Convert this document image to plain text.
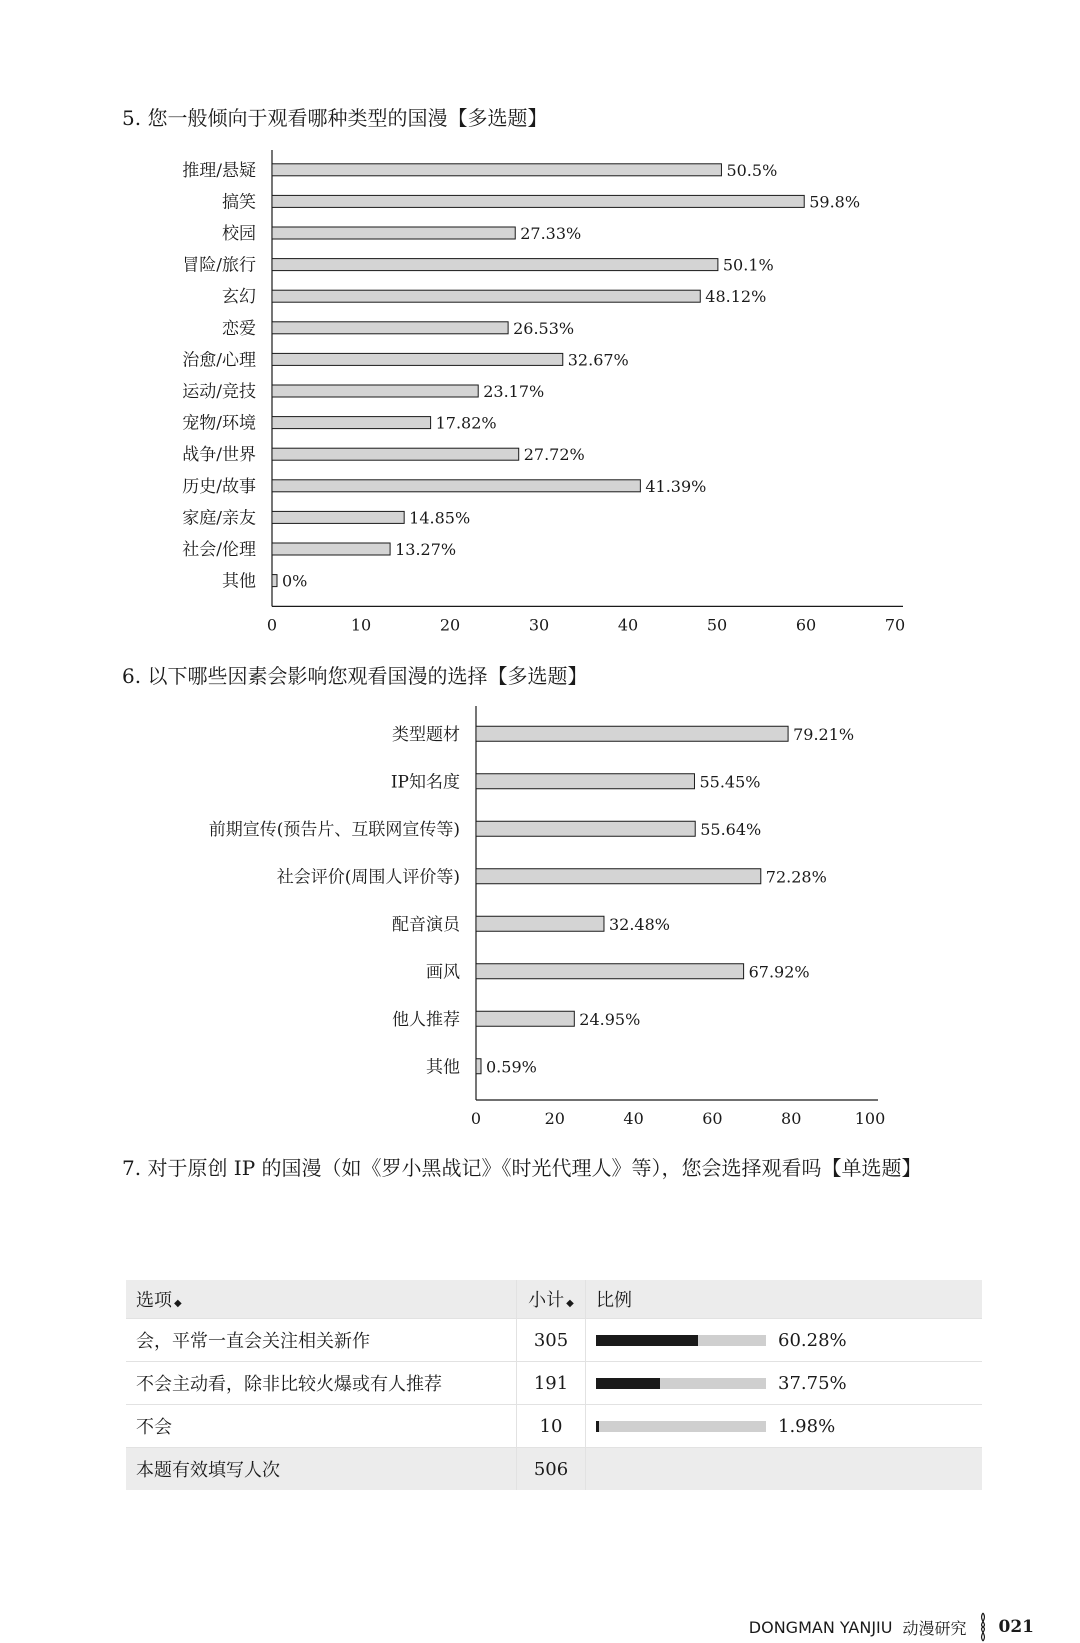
5. 您一般倾向于观看哪种类型的国漫【多选题】
推理/悬疑	50.5%
搞笑	59.8%
校园	27.33%
冒险/旅行	50.1%
玄幻	48.12%
恋爱	26.53%
治愈/心理	32.67%
运动/竞技	23.17%
宠物/环境	17.82%
战争/世界	27.72%
历史/故事	41.39%
家庭/亲友	14.85%
社会/伦理	13.27%
其他 0%
0	10	20	30	40	50	60	70
6. 以下哪些因素会影响您观看国漫的选择【多选题】
类型题材	79.21%
IP知名度	55.45%
前期宣传(预告片、互联网宣传等)	55.64%
社会评价(周围人评价等)	72.28%
配音演员	32.48%
画风	67.92%
他人推荐	24.95%
其他 0.59%
0	20	40	60	80	100
7. 对于原创 IP 的国漫（如《罗小黑战记》《时光代理人》等），您会选择观看吗【单选题】
选项 ◆	小计 ◆	比例
会，平常一直会关注相关新作	305	60.28%

不会主动看，除非比较火爆或有人推荐	191	37.75%

不会	10	1.98%

本题有效填写人次	506	
DONGMAN YANJIU 动漫研究 021
